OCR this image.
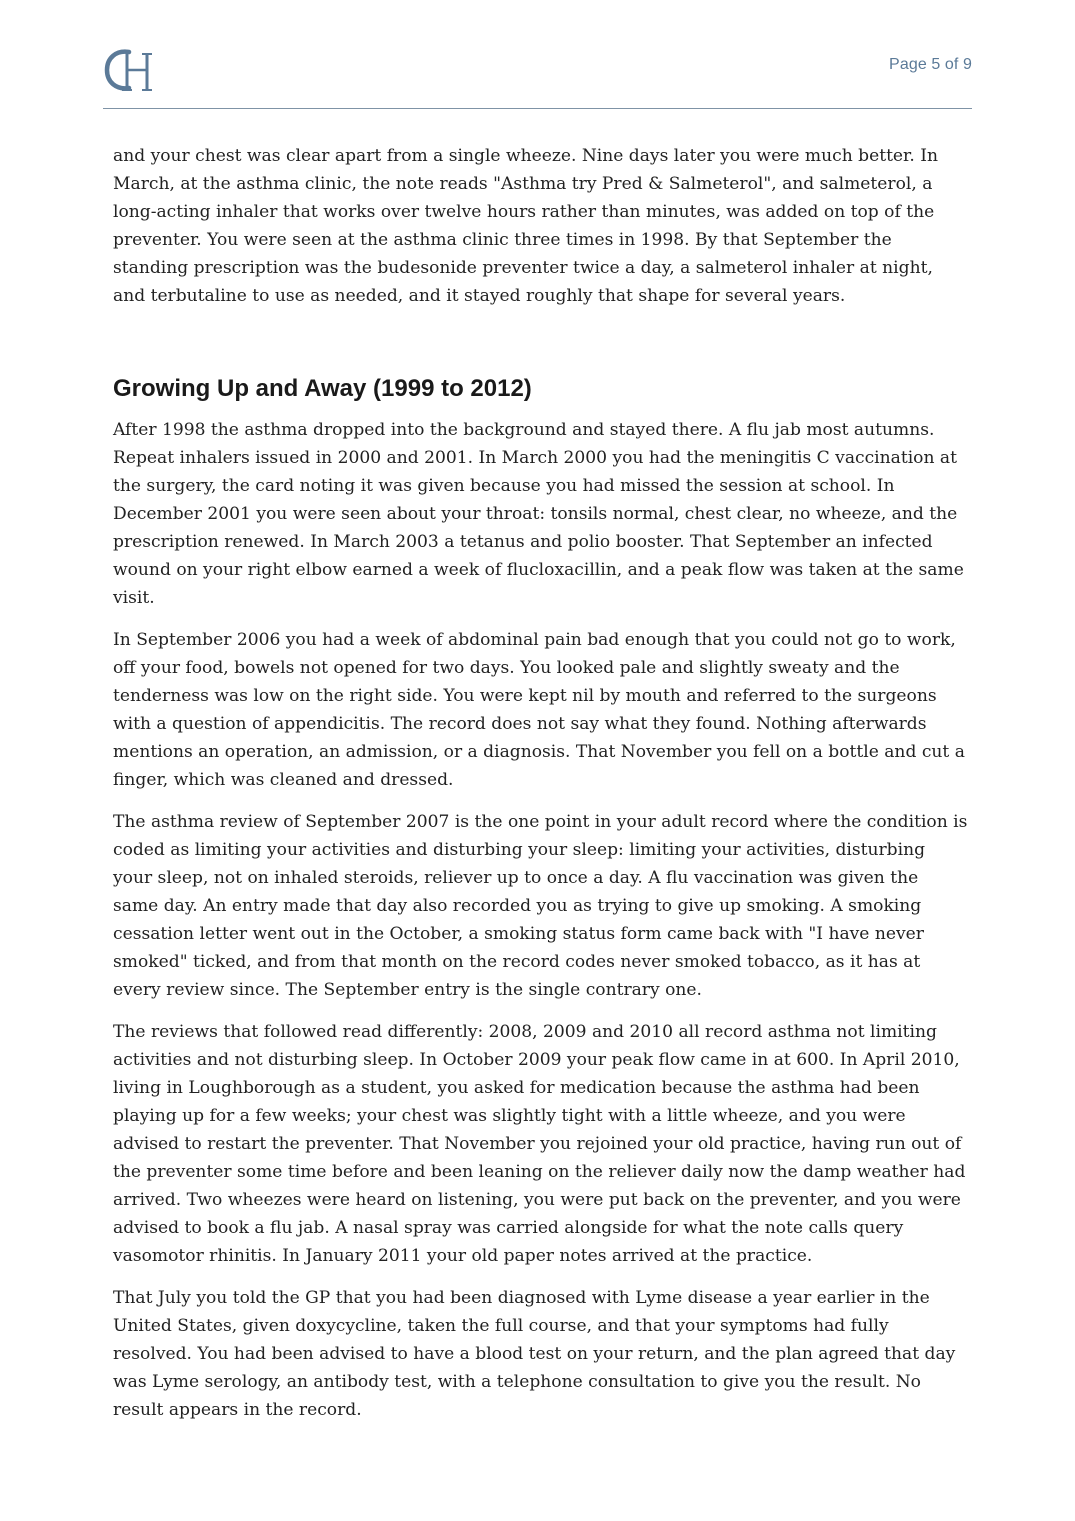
Page 5 of 9

and your chest was clear apart from a single wheeze. Nine days later you were much better. In March, at the asthma clinic, the note reads "Asthma try Pred & Salmeterol", and salmeterol, a long-acting inhaler that works over twelve hours rather than minutes, was added on top of the preventer. You were seen at the asthma clinic three times in 1998. By that September the standing prescription was the budesonide preventer twice a day, a salmeterol inhaler at night, and terbutaline to use as needed, and it stayed roughly that shape for several years.

Growing Up and Away (1999 to 2012)

After 1998 the asthma dropped into the background and stayed there. A flu jab most autumns. Repeat inhalers issued in 2000 and 2001. In March 2000 you had the meningitis C vaccination at the surgery, the card noting it was given because you had missed the session at school. In December 2001 you were seen about your throat: tonsils normal, chest clear, no wheeze, and the prescription renewed. In March 2003 a tetanus and polio booster. That September an infected wound on your right elbow earned a week of flucloxacillin, and a peak flow was taken at the same visit.

In September 2006 you had a week of abdominal pain bad enough that you could not go to work, off your food, bowels not opened for two days. You looked pale and slightly sweaty and the tenderness was low on the right side. You were kept nil by mouth and referred to the surgeons with a question of appendicitis. The record does not say what they found. Nothing afterwards mentions an operation, an admission, or a diagnosis. That November you fell on a bottle and cut a finger, which was cleaned and dressed.

The asthma review of September 2007 is the one point in your adult record where the condition is coded as limiting your activities and disturbing your sleep: limiting your activities, disturbing your sleep, not on inhaled steroids, reliever up to once a day. A flu vaccination was given the same day. An entry made that day also recorded you as trying to give up smoking. A smoking cessation letter went out in the October, a smoking status form came back with "I have never smoked" ticked, and from that month on the record codes never smoked tobacco, as it has at every review since. The September entry is the single contrary one.

The reviews that followed read differently: 2008, 2009 and 2010 all record asthma not limiting activities and not disturbing sleep. In October 2009 your peak flow came in at 600. In April 2010, living in Loughborough as a student, you asked for medication because the asthma had been playing up for a few weeks; your chest was slightly tight with a little wheeze, and you were advised to restart the preventer. That November you rejoined your old practice, having run out of the preventer some time before and been leaning on the reliever daily now the damp weather had arrived. Two wheezes were heard on listening, you were put back on the preventer, and you were advised to book a flu jab. A nasal spray was carried alongside for what the note calls query vasomotor rhinitis. In January 2011 your old paper notes arrived at the practice.

That July you told the GP that you had been diagnosed with Lyme disease a year earlier in the United States, given doxycycline, taken the full course, and that your symptoms had fully resolved. You had been advised to have a blood test on your return, and the plan agreed that day was Lyme serology, an antibody test, with a telephone consultation to give you the result. No result appears in the record.
